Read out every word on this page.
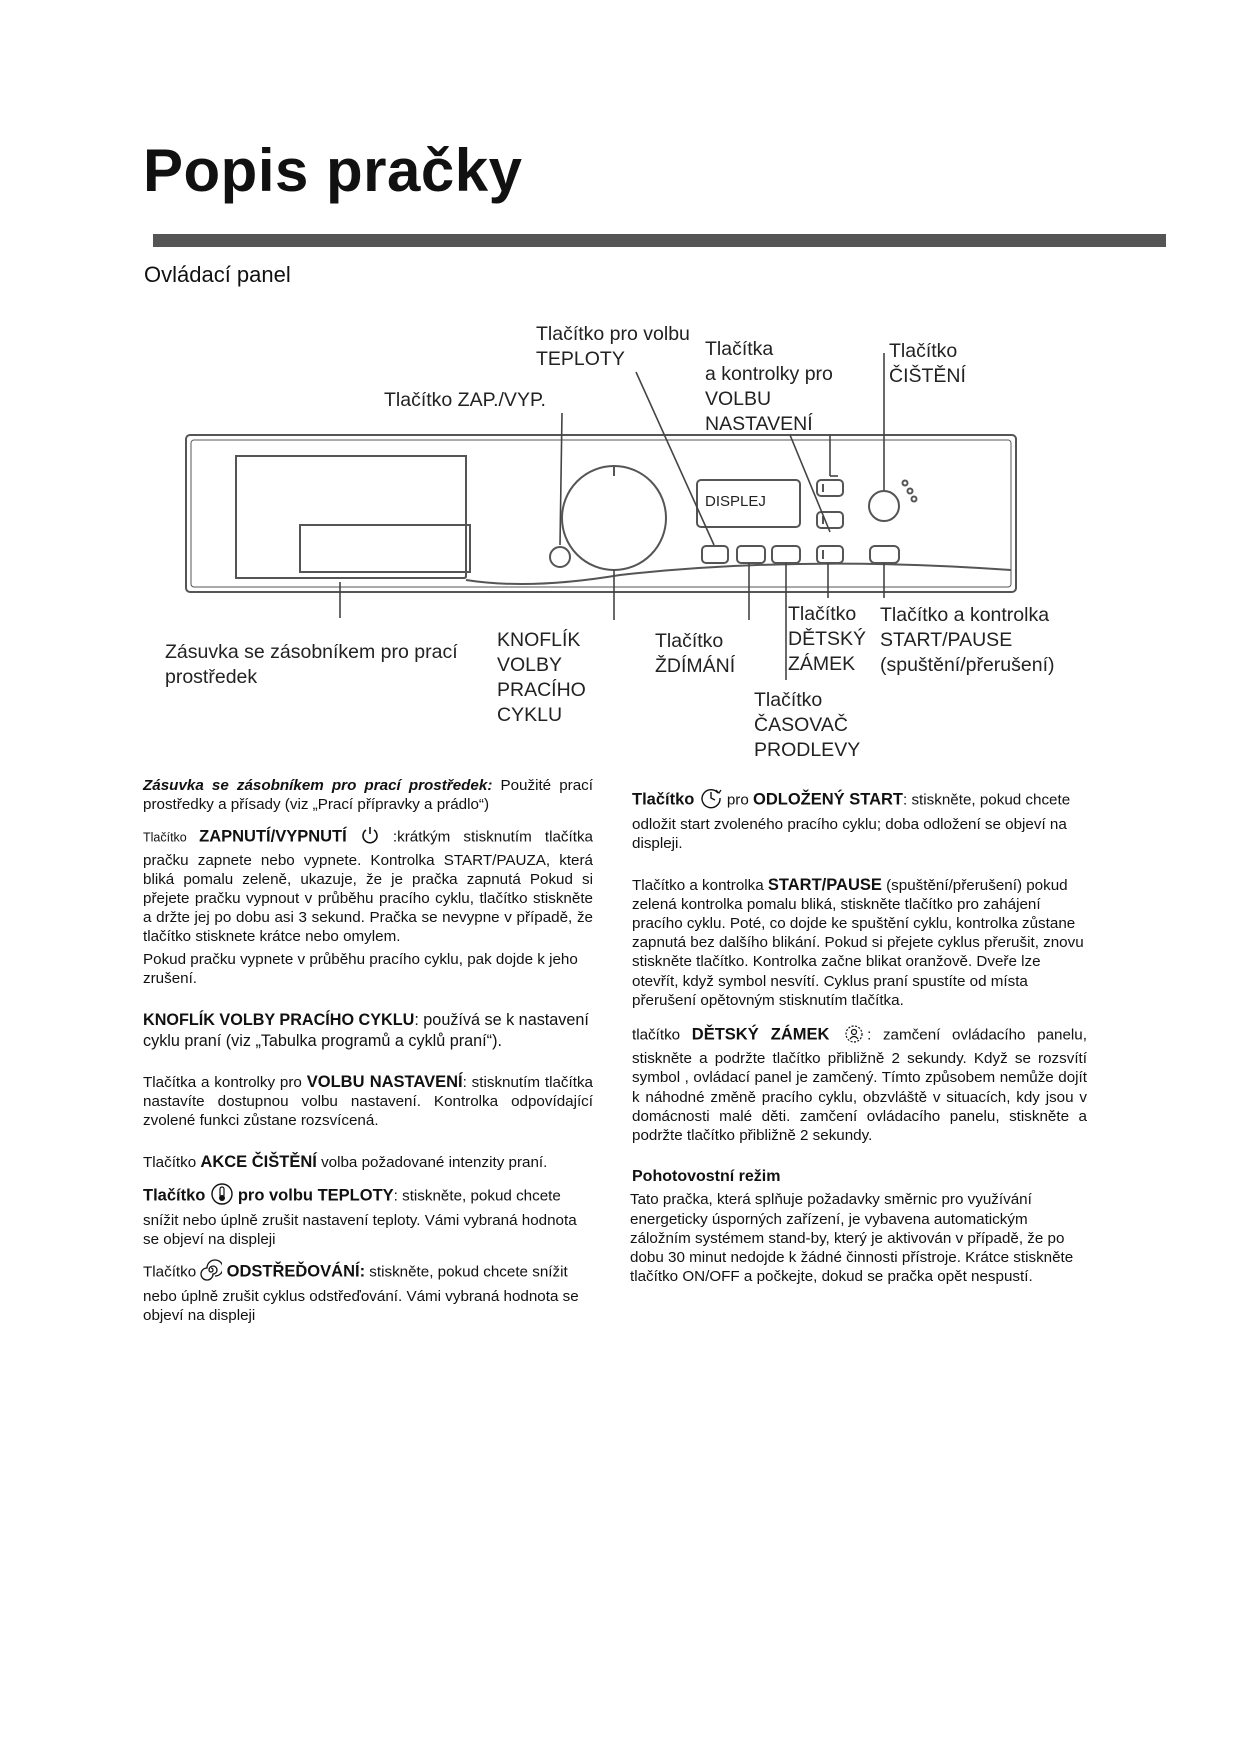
Popis pračky
Ovládací panel
DISPLEJ
Tlačítko pro volbu
TEPLOTY	Tlačítka
a kontrolky pro
VOLBU
NASTAVENÍ
Tlačítko
ČIŠTĚNÍ
Tlačítko ZAP./VYP.
Zásuvka se zásobníkem pro prací
prostředek
KNOFLÍK
VOLBY
PRACÍHO
CYKLU
Tlačítko
ŽDÍMÁNÍ
Tlačítko
DĚTSKÝ
ZÁMEK
Tlačítko a kontrolka
START/PAUSE
(spuštění/přerušení)
Tlačítko
ČASOVAČ
PRODLEVY

Zásuvka se zásobníkem pro prací prostředek: Použité prací prostředky a přísady (viz „Prací přípravky a prádlo“)

Tlačítko ZAPNUTÍ/VYPNUTÍ  :krátkým stisknutím tlačítka pračku zapnete nebo vypnete. Kontrolka START/PAUZA, která bliká pomalu zeleně, ukazuje, že je pračka zapnutá Pokud si přejete pračku vypnout v průběhu pracího cyklu, tlačítko stiskněte a držte jej po dobu asi 3 sekund. Pračka se nevypne v případě, že tlačítko stisknete krátce nebo omylem.

Pokud pračku vypnete v průběhu pracího cyklu, pak dojde k jeho zrušení.

KNOFLÍK VOLBY PRACÍHO CYKLU: používá se k nastavení cyklu praní (viz „Tabulka programů a cyklů praní“).

Tlačítka a kontrolky pro VOLBU NASTAVENÍ: stisknutím tlačítka nastavíte dostupnou volbu nastavení. Kontrolka odpovídající zvolené funkci zůstane rozsvícená.

Tlačítko AKCE ČIŠTĚNÍ volba požadované intenzity praní.

Tlačítko pro volbu TEPLOTY: stiskněte, pokud chcete snížit nebo úplně zrušit nastavení teploty. Vámi vybraná hodnota se objeví na displeji

Tlačítko ODSTŘEĎOVÁNÍ: stiskněte, pokud chcete snížit nebo úplně zrušit cyklus odstřeďování. Vámi vybraná hodnota se objeví na displeji

Tlačítko  pro ODLOŽENÝ START: stiskněte, pokud chcete odložit start zvoleného pracího cyklu; doba odložení se objeví na displeji.

Tlačítko a kontrolka START/PAUSE (spuštění/přerušení) pokud zelená kontrolka pomalu bliká, stiskněte tlačítko pro zahájení pracího cyklu. Poté, co dojde ke spuštění cyklu, kontrolka zůstane zapnutá bez dalšího blikání. Pokud si přejete cyklus přerušit, znovu stiskněte tlačítko. Kontrolka začne blikat oranžově. Dveře lze otevřít, když symbol nesvítí. Cyklus praní spustíte od místa přerušení opětovným stisknutím tlačítka.

tlačítko DĚTSKÝ ZÁMEK : zamčení ovládacího panelu, stiskněte a podržte tlačítko přibližně 2 sekundy. Když se rozsvítí symbol , ovládací panel je zamčený. Tímto způsobem nemůže dojít k náhodné změně pracího cyklu, obzvláště v situacích, kdy jsou v domácnosti malé děti. zamčení ovládacího panelu, stiskněte a podržte tlačítko přibližně 2 sekundy.

Pohotovostní režim

Tato pračka, která splňuje požadavky směrnic pro využívání energeticky úsporných zařízení, je vybavena automatickým záložním systémem stand-by, který je aktivován v případě, že po dobu 30 minut nedojde k žádné činnosti přístroje. Krátce stiskněte tlačítko ON/OFF a počkejte, dokud se pračka opět nespustí.
